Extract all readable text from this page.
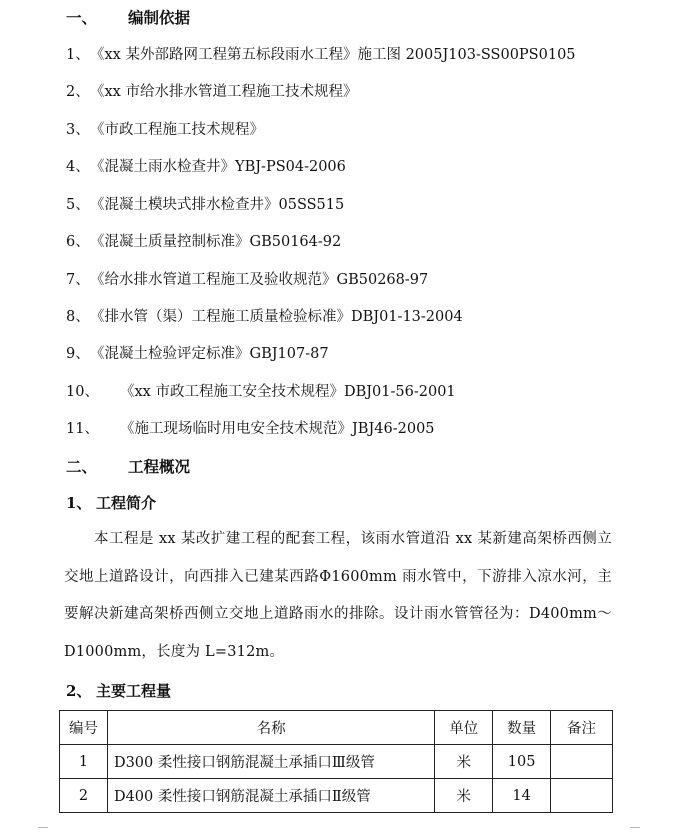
一、 编制依据
1、《xx 某外部路网工程第五标段雨水工程》施工图 2005J103-SS00PS0105
2、《xx 市给水排水管道工程施工技术规程》
3、《市政工程施工技术规程》
4、《混凝土雨水检查井》YBJ-PS04-2006
5、《混凝土模块式排水检查井》05SS515
6、《混凝土质量控制标准》GB50164-92
7、《给水排水管道工程施工及验收规范》GB50268-97
8、《排水管（渠）工程施工质量检验标准》DBJ01-13-2004
9、《混凝土检验评定标准》GBJ107-87
10、 《xx 市政工程施工安全技术规程》DBJ01-56-2001
11、 《施工现场临时用电安全技术规范》JBJ46-2005
二、 工程概况
1、 工程简介
本工程是 xx 某改扩建工程的配套工程，该雨水管道沿 xx 某新建高架桥西侧立交地上道路设计，向西排入已建某西路Φ1600mm 雨水管中，下游排入凉水河，主要解决新建高架桥西侧立交地上道路雨水的排除。设计雨水管管径为：D400mm～D1000mm，长度为 L=312m。
2、 主要工程量
编号	名称	单位	数量	备注
1	D300 柔性接口钢筋混凝土承插口Ⅲ级管	米	105	
2	D400 柔性接口钢筋混凝土承插口Ⅱ级管	米	14	
